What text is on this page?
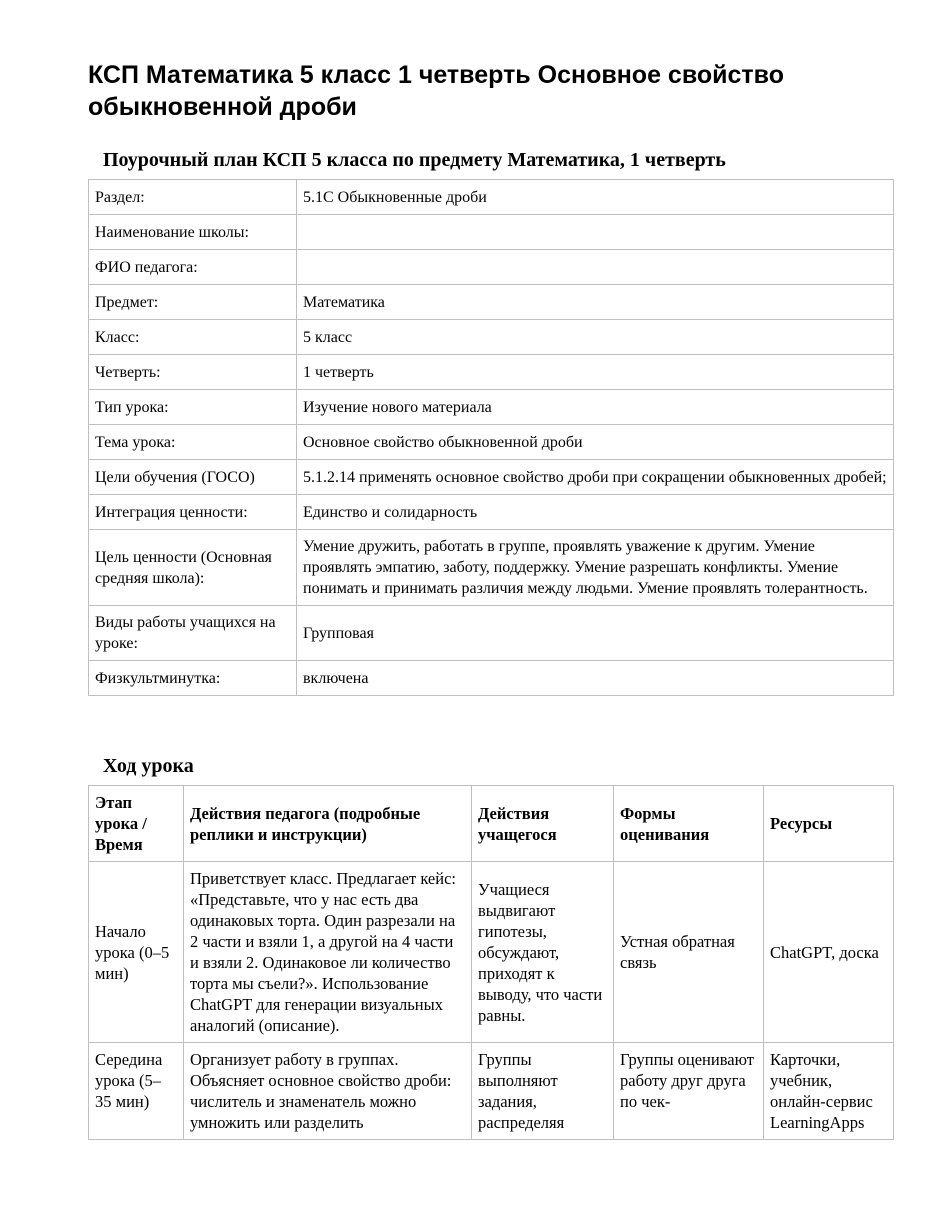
КСП Математика 5 класс 1 четверть Основное свойство обыкновенной дроби
Поурочный план КСП 5 класса по предмету Математика, 1 четверть
Раздел:	5.1С Обыкновенные дроби
Наименование школы:	
ФИО педагога:	
Предмет:	Математика
Класс:	5 класс
Четверть:	1 четверть
Тип урока:	Изучение нового материала
Тема урока:	Основное свойство обыкновенной дроби
Цели обучения (ГОСО)	5.1.2.14 применять основное свойство дроби при сокращении обыкновенных дробей;
Интеграция ценности:	Единство и солидарность
Цель ценности (Основная средняя школа):	Умение дружить, работать в группе, проявлять уважение к другим. Умение проявлять эмпатию, заботу, поддержку. Умение разрешать конфликты. Умение понимать и принимать различия между людьми. Умение проявлять толерантность.
Виды работы учащихся на уроке:	Групповая
Физкультминутка:	включена
Ход урока
Этап урока / Время	Действия педагога (подробные реплики и инструкции)	Действия учащегося	Формы оценивания	Ресурсы
Начало урока (0–5 мин)	Приветствует класс. Предлагает кейс: «Представьте, что у нас есть два одинаковых торта. Один разрезали на 2 части и взяли 1, а другой на 4 части и взяли 2. Одинаковое ли количество торта мы съели?». Использование ChatGPT для генерации визуальных аналогий (описание).	Учащиеся выдвигают гипотезы, обсуждают, приходят к выводу, что части равны.	Устная обратная связь	ChatGPT, доска
Середина урока (5–35 мин)	Организует работу в группах. Объясняет основное свойство дроби: числитель и знаменатель можно умножить или разделить	Группы выполняют задания, распределяя	Группы оценивают работу друг друга по чек-	Карточки, учебник, онлайн-сервис LearningApps
